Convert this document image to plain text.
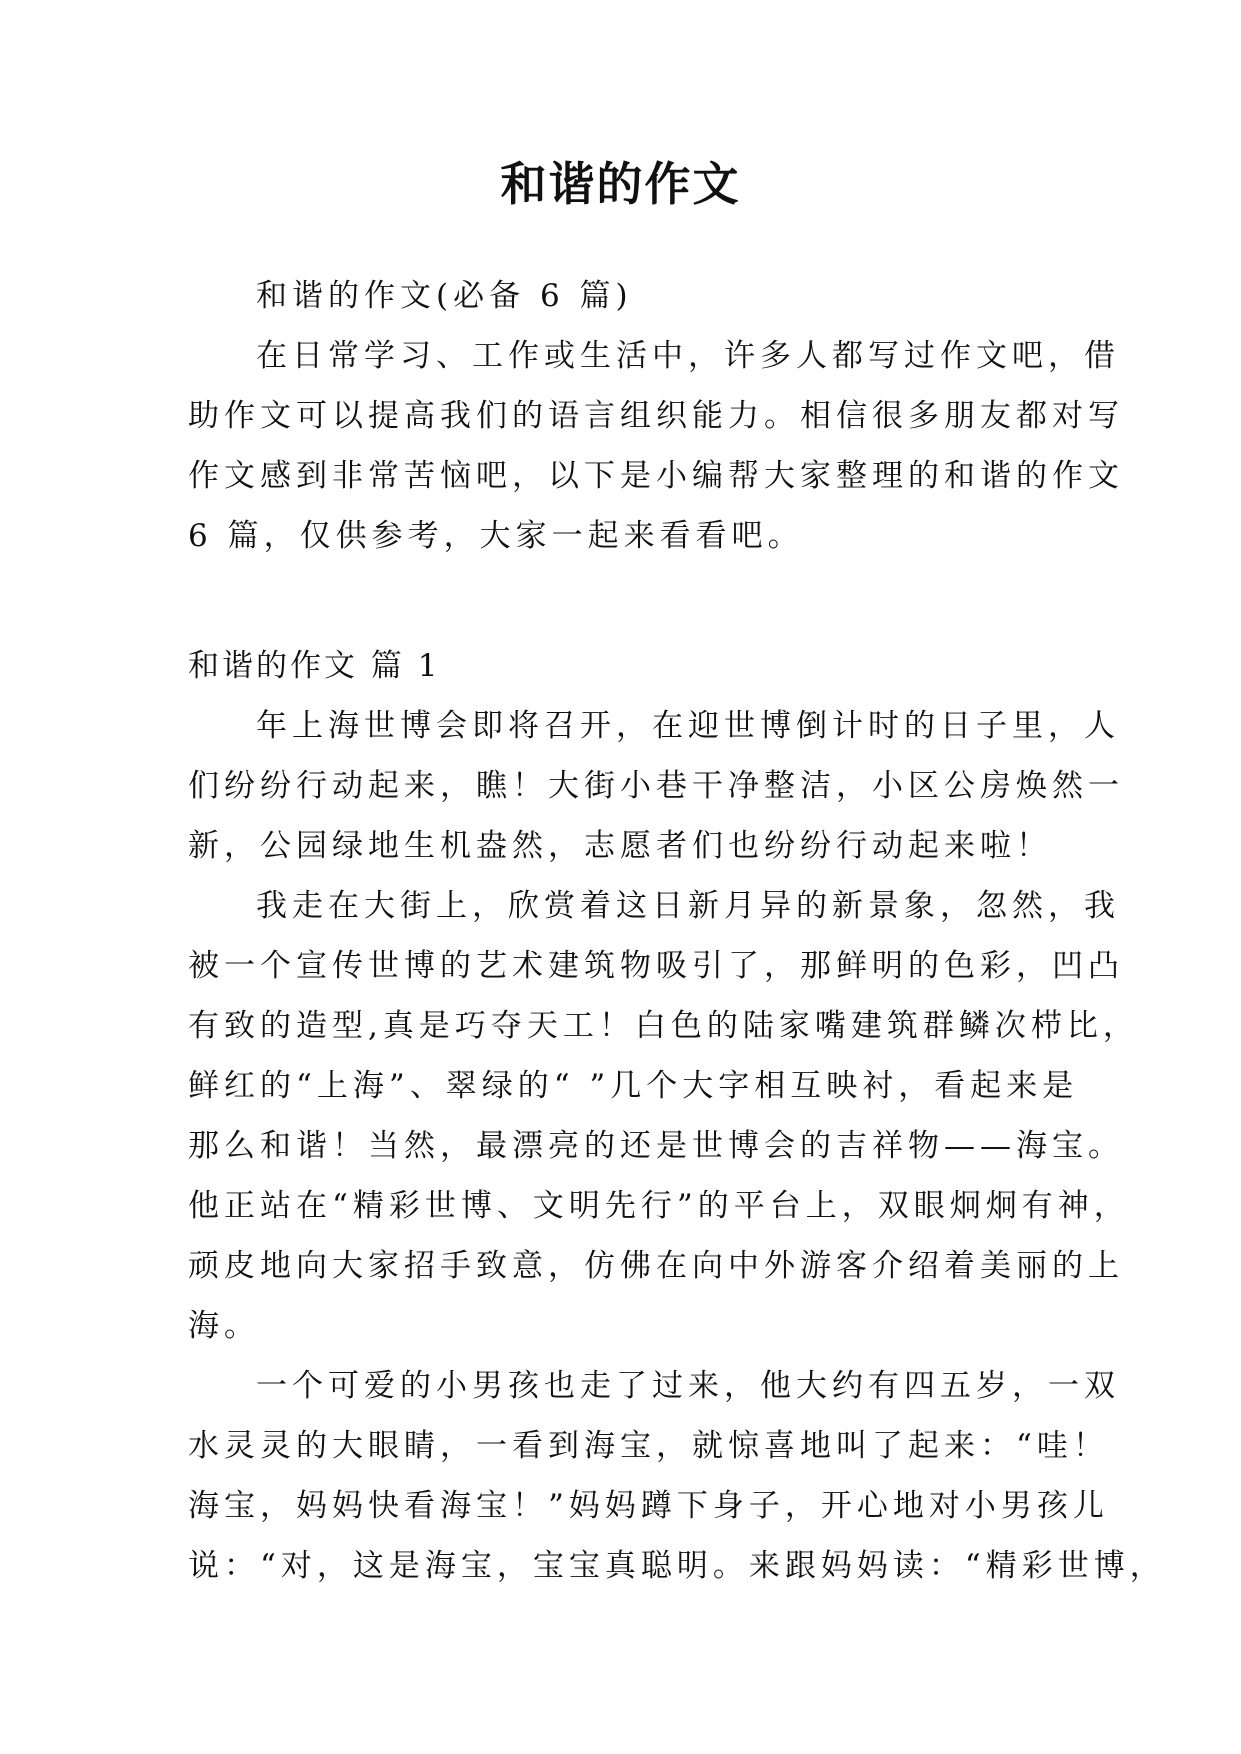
和谐的作文
和谐的作文(必备 6 篇)
在日常学习、工作或生活中，许多人都写过作文吧，借
助作文可以提高我们的语言组织能力。相信很多朋友都对写
作文感到非常苦恼吧，以下是小编帮大家整理的和谐的作文
6 篇，仅供参考，大家一起来看看吧。
和谐的作文 篇 1
年上海世博会即将召开，在迎世博倒计时的日子里，人
们纷纷行动起来，瞧！大街小巷干净整洁，小区公房焕然一
新，公园绿地生机盎然，志愿者们也纷纷行动起来啦！
我走在大街上，欣赏着这日新月异的新景象，忽然，我
被一个宣传世博的艺术建筑物吸引了，那鲜明的色彩，凹凸
有致的造型,真是巧夺天工！白色的陆家嘴建筑群鳞次栉比，
鲜红的“上海”、翠绿的“ ”几个大字相互映衬，看起来是
那么和谐！当然，最漂亮的还是世博会的吉祥物——海宝。
他正站在“精彩世博、文明先行”的平台上，双眼炯炯有神，
顽皮地向大家招手致意，仿佛在向中外游客介绍着美丽的上
海。
一个可爱的小男孩也走了过来，他大约有四五岁，一双
水灵灵的大眼睛，一看到海宝，就惊喜地叫了起来：“哇！
海宝，妈妈快看海宝！”妈妈蹲下身子，开心地对小男孩儿
说：“对，这是海宝，宝宝真聪明。来跟妈妈读：“精彩世博，
